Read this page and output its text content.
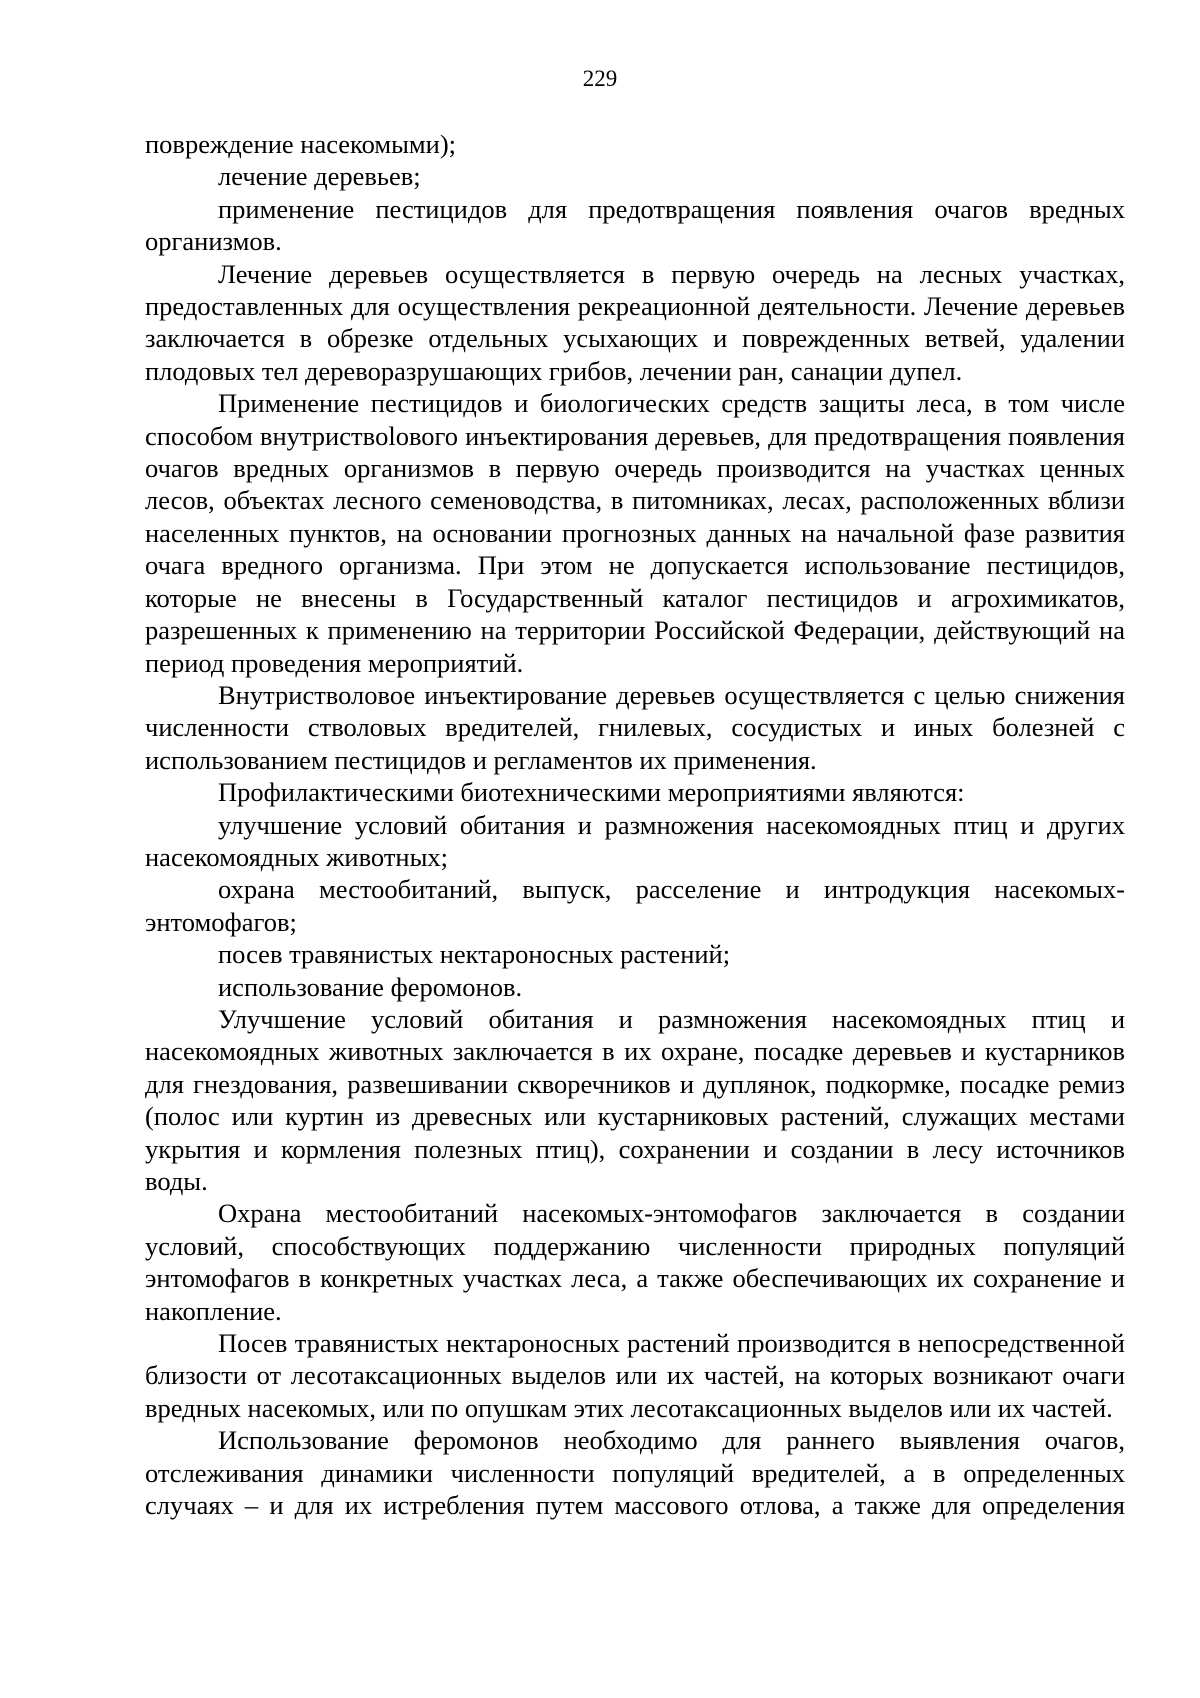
229

повреждение насекомыми);

лечение деревьев;

применение пестицидов для предотвращения появления очагов вредных организмов.

Лечение деревьев осуществляется в первую очередь на лесных участках, предоставленных для осуществления рекреационной деятельности. Лечение деревьев заключается в обрезке отдельных усыхающих и поврежденных ветвей, удалении плодовых тел дереворазрушающих грибов, лечении ран, санации дупел.

Применение пестицидов и биологических средств защиты леса, в том числе способом внутриствolового инъектирования деревьев, для предотвращения появления очагов вредных организмов в первую очередь производится на участках ценных лесов, объектах лесного семеноводства, в питомниках, лесах, расположенных вблизи населенных пунктов, на основании прогнозных данных на начальной фазе развития очага вредного организма. При этом не допускается использование пестицидов, которые не внесены в Государственный каталог пестицидов и агрохимикатов, разрешенных к применению на территории Российской Федерации, действующий на период проведения мероприятий.

Внутристволовое инъектирование деревьев осуществляется с целью снижения численности стволовых вредителей, гнилевых, сосудистых и иных болезней с использованием пестицидов и регламентов их применения.

Профилактическими биотехническими мероприятиями являются:

улучшение условий обитания и размножения насекомоядных птиц и других насекомоядных животных;

охрана местообитаний, выпуск, расселение и интродукция насекомых-энтомофагов;

посев травянистых нектароносных растений;

использование феромонов.

Улучшение условий обитания и размножения насекомоядных птиц и насекомоядных животных заключается в их охране, посадке деревьев и кустарников для гнездования, развешивании скворечников и дуплянок, подкормке, посадке ремиз (полос или куртин из древесных или кустарниковых растений, служащих местами укрытия и кормления полезных птиц), сохранении и создании в лесу источников воды.

Охрана местообитаний насекомых-энтомофагов заключается в создании условий, способствующих поддержанию численности природных популяций энтомофагов в конкретных участках леса, а также обеспечивающих их сохранение и накопление.

Посев травянистых нектароносных растений производится в непосредственной близости от лесотаксационных выделов или их частей, на которых возникают очаги вредных насекомых, или по опушкам этих лесотаксационных выделов или их частей.

Использование феромонов необходимо для раннего выявления очагов, отслеживания динамики численности популяций вредителей, а в определенных случаях – и для их истребления путем массового отлова, а также для определения
